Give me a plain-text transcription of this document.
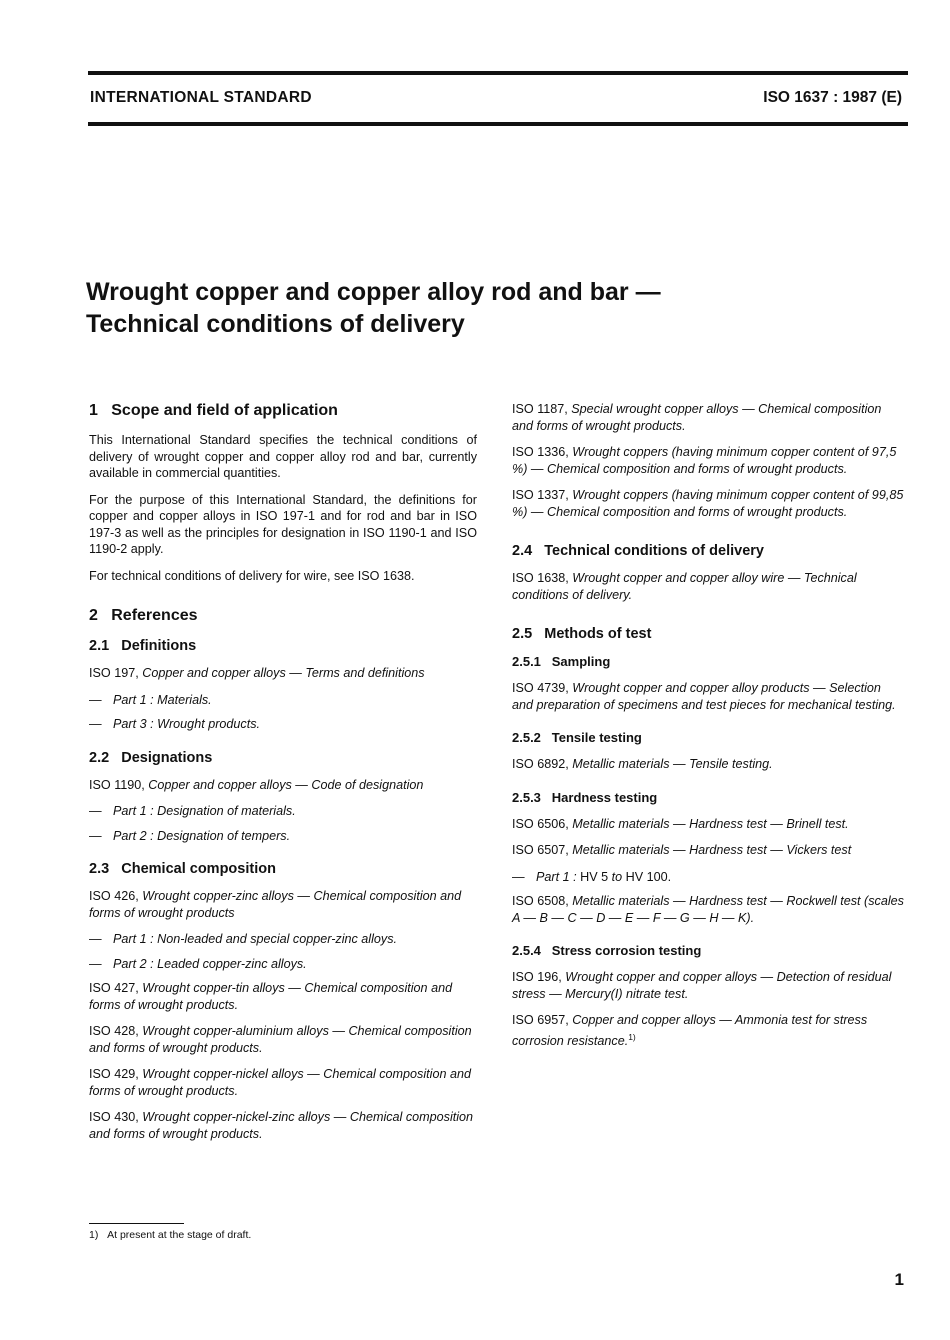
INTERNATIONAL STANDARD	ISO 1637 : 1987 (E)
Wrought copper and copper alloy rod and bar —
Technical conditions of delivery
1 Scope and field of application

This International Standard specifies the technical conditions of delivery of wrought copper and copper alloy rod and bar, currently available in commercial quantities.

For the purpose of this International Standard, the definitions for copper and copper alloys in ISO 197-1 and for rod and bar in ISO 197-3 as well as the principles for designation in ISO 1190-1 and ISO 1190-2 apply.

For technical conditions of delivery for wire, see ISO 1638.

2 References
2.1 Definitions

ISO 197, Copper and copper alloys — Terms and definitions

— Part 1 : Materials.
— Part 3 : Wrought products.
2.2 Designations

ISO 1190, Copper and copper alloys — Code of designation

— Part 1 : Designation of materials.
— Part 2 : Designation of tempers.
2.3 Chemical composition

ISO 426, Wrought copper-zinc alloys — Chemical composition and forms of wrought products

— Part 1 : Non-leaded and special copper-zinc alloys.
— Part 2 : Leaded copper-zinc alloys.

ISO 427, Wrought copper-tin alloys — Chemical composition and forms of wrought products.

ISO 428, Wrought copper-aluminium alloys — Chemical composition and forms of wrought products.

ISO 429, Wrought copper-nickel alloys — Chemical composition and forms of wrought products.

ISO 430, Wrought copper-nickel-zinc alloys — Chemical composition and forms of wrought products.

ISO 1187, Special wrought copper alloys — Chemical composition and forms of wrought products.

ISO 1336, Wrought coppers (having minimum copper content of 97,5 %) — Chemical composition and forms of wrought products.

ISO 1337, Wrought coppers (having minimum copper content of 99,85 %) — Chemical composition and forms of wrought products.

2.4 Technical conditions of delivery

ISO 1638, Wrought copper and copper alloy wire — Technical conditions of delivery.

2.5 Methods of test
2.5.1 Sampling

ISO 4739, Wrought copper and copper alloy products — Selection and preparation of specimens and test pieces for mechanical testing.

2.5.2 Tensile testing

ISO 6892, Metallic materials — Tensile testing.

2.5.3 Hardness testing

ISO 6506, Metallic materials — Hardness test — Brinell test.

ISO 6507, Metallic materials — Hardness test — Vickers test

— Part 1 : HV 5 to HV 100.

ISO 6508, Metallic materials — Hardness test — Rockwell test (scales A — B — C — D — E — F — G — H — K).

2.5.4 Stress corrosion testing

ISO 196, Wrought copper and copper alloys — Detection of residual stress — Mercury(I) nitrate test.

ISO 6957, Copper and copper alloys — Ammonia test for stress corrosion resistance.$^{1)}$

1) At present at the stage of draft.
1
